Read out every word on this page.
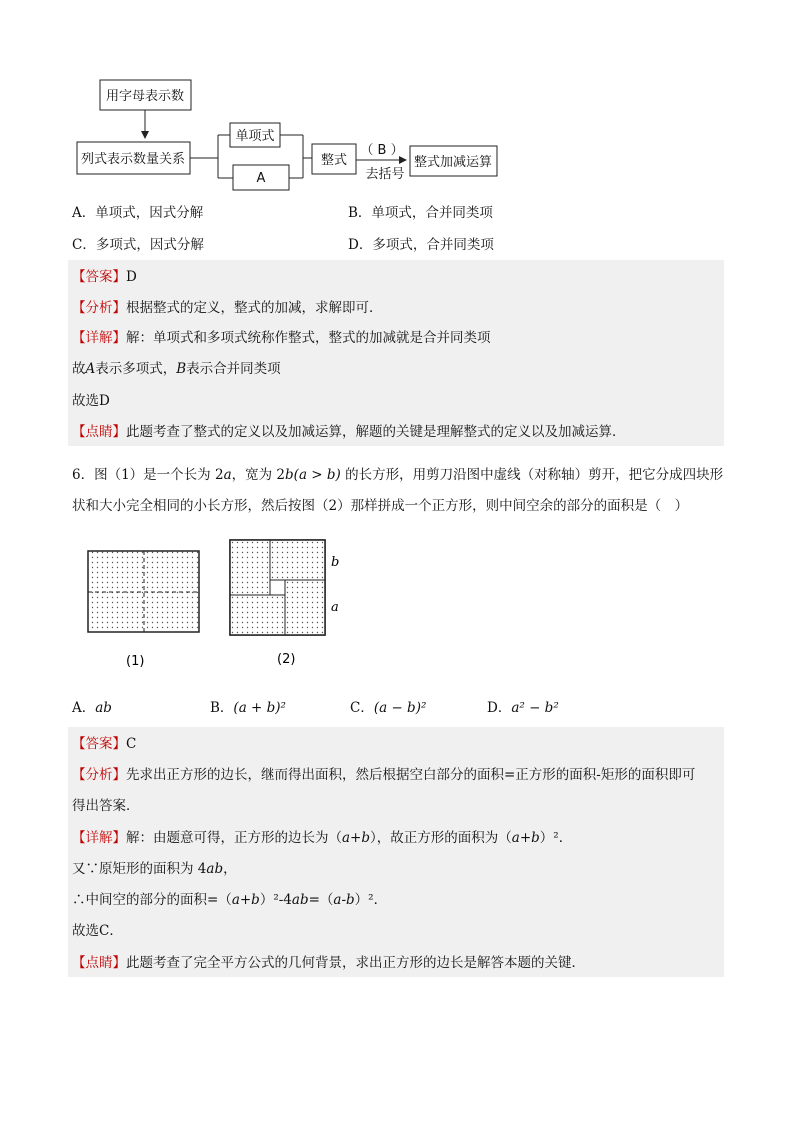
用字母表示数
列式表示数量关系
单项式
A
整式
（ B ）
去括号
整式加减运算
A．单项式，因式分解	B．单项式，合并同类项
C．多项式，因式分解	D．多项式，合并同类项
【答案】D
【分析】根据整式的定义，整式的加减，求解即可．
【详解】解：单项式和多项式统称作整式，整式的加减就是合并同类项
故A表示多项式，B表示合并同类项
故选D
【点睛】此题考查了整式的定义以及加减运算，解题的关键是理解整式的定义以及加减运算．
6．图（1）是一个长为 2a，宽为 2b(a > b) 的长方形，用剪刀沿图中虚线（对称轴）剪开，把它分成四块形
状和大小完全相同的小长方形，然后按图（2）那样拼成一个正方形，则中间空余的部分的面积是（　）
(1)
b
a
(2)
A．ab	B．(a + b)²	C．(a − b)²	D．a² − b²
【答案】C
【分析】先求出正方形的边长，继而得出面积，然后根据空白部分的面积=正方形的面积-矩形的面积即可
得出答案．
【详解】解：由题意可得，正方形的边长为（a+b），故正方形的面积为（a+b）²．
又∵原矩形的面积为 4ab，
∴中间空的部分的面积=（a+b）²-4ab=（a-b）²．
故选C．
【点睛】此题考查了完全平方公式的几何背景，求出正方形的边长是解答本题的关键．
